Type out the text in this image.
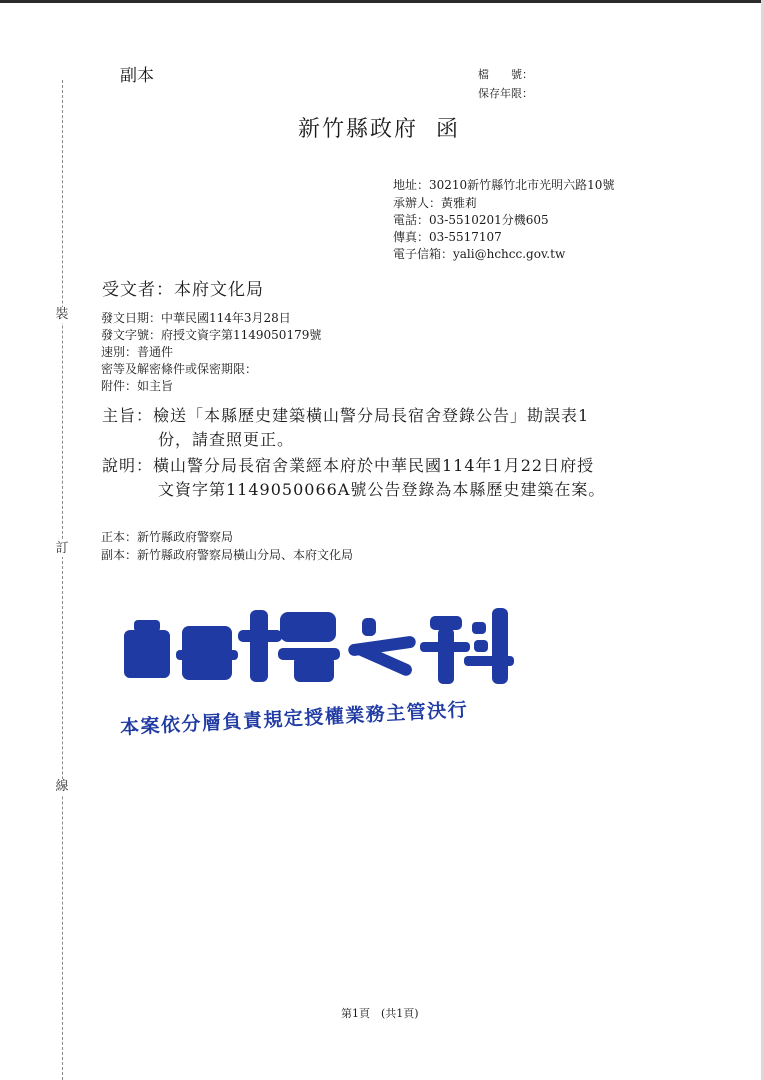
裝
訂
線
副本	檔　　號：
保存年限：
新竹縣政府 函
地址：30210新竹縣竹北市光明六路10號
承辦人：黃雅莉
電話：03-5510201分機605
傳真：03-5517107
電子信箱：yali@hchcc.gov.tw
受文者：本府文化局
發文日期：中華民國114年3月28日
發文字號：府授文資字第1149050179號
速別：普通件
密等及解密條件或保密期限：
附件：如主旨
主旨：檢送「本縣歷史建築橫山警分局長宿舍登錄公告」勘誤表1
份，請查照更正。
說明：橫山警分局長宿舍業經本府於中華民國114年1月22日府授
文資字第1149050066A號公告登錄為本縣歷史建築在案。
正本：新竹縣政府警察局
副本：新竹縣政府警察局橫山分局、本府文化局
本案依分層負責規定授權業務主管決行
第1頁　(共1頁)
